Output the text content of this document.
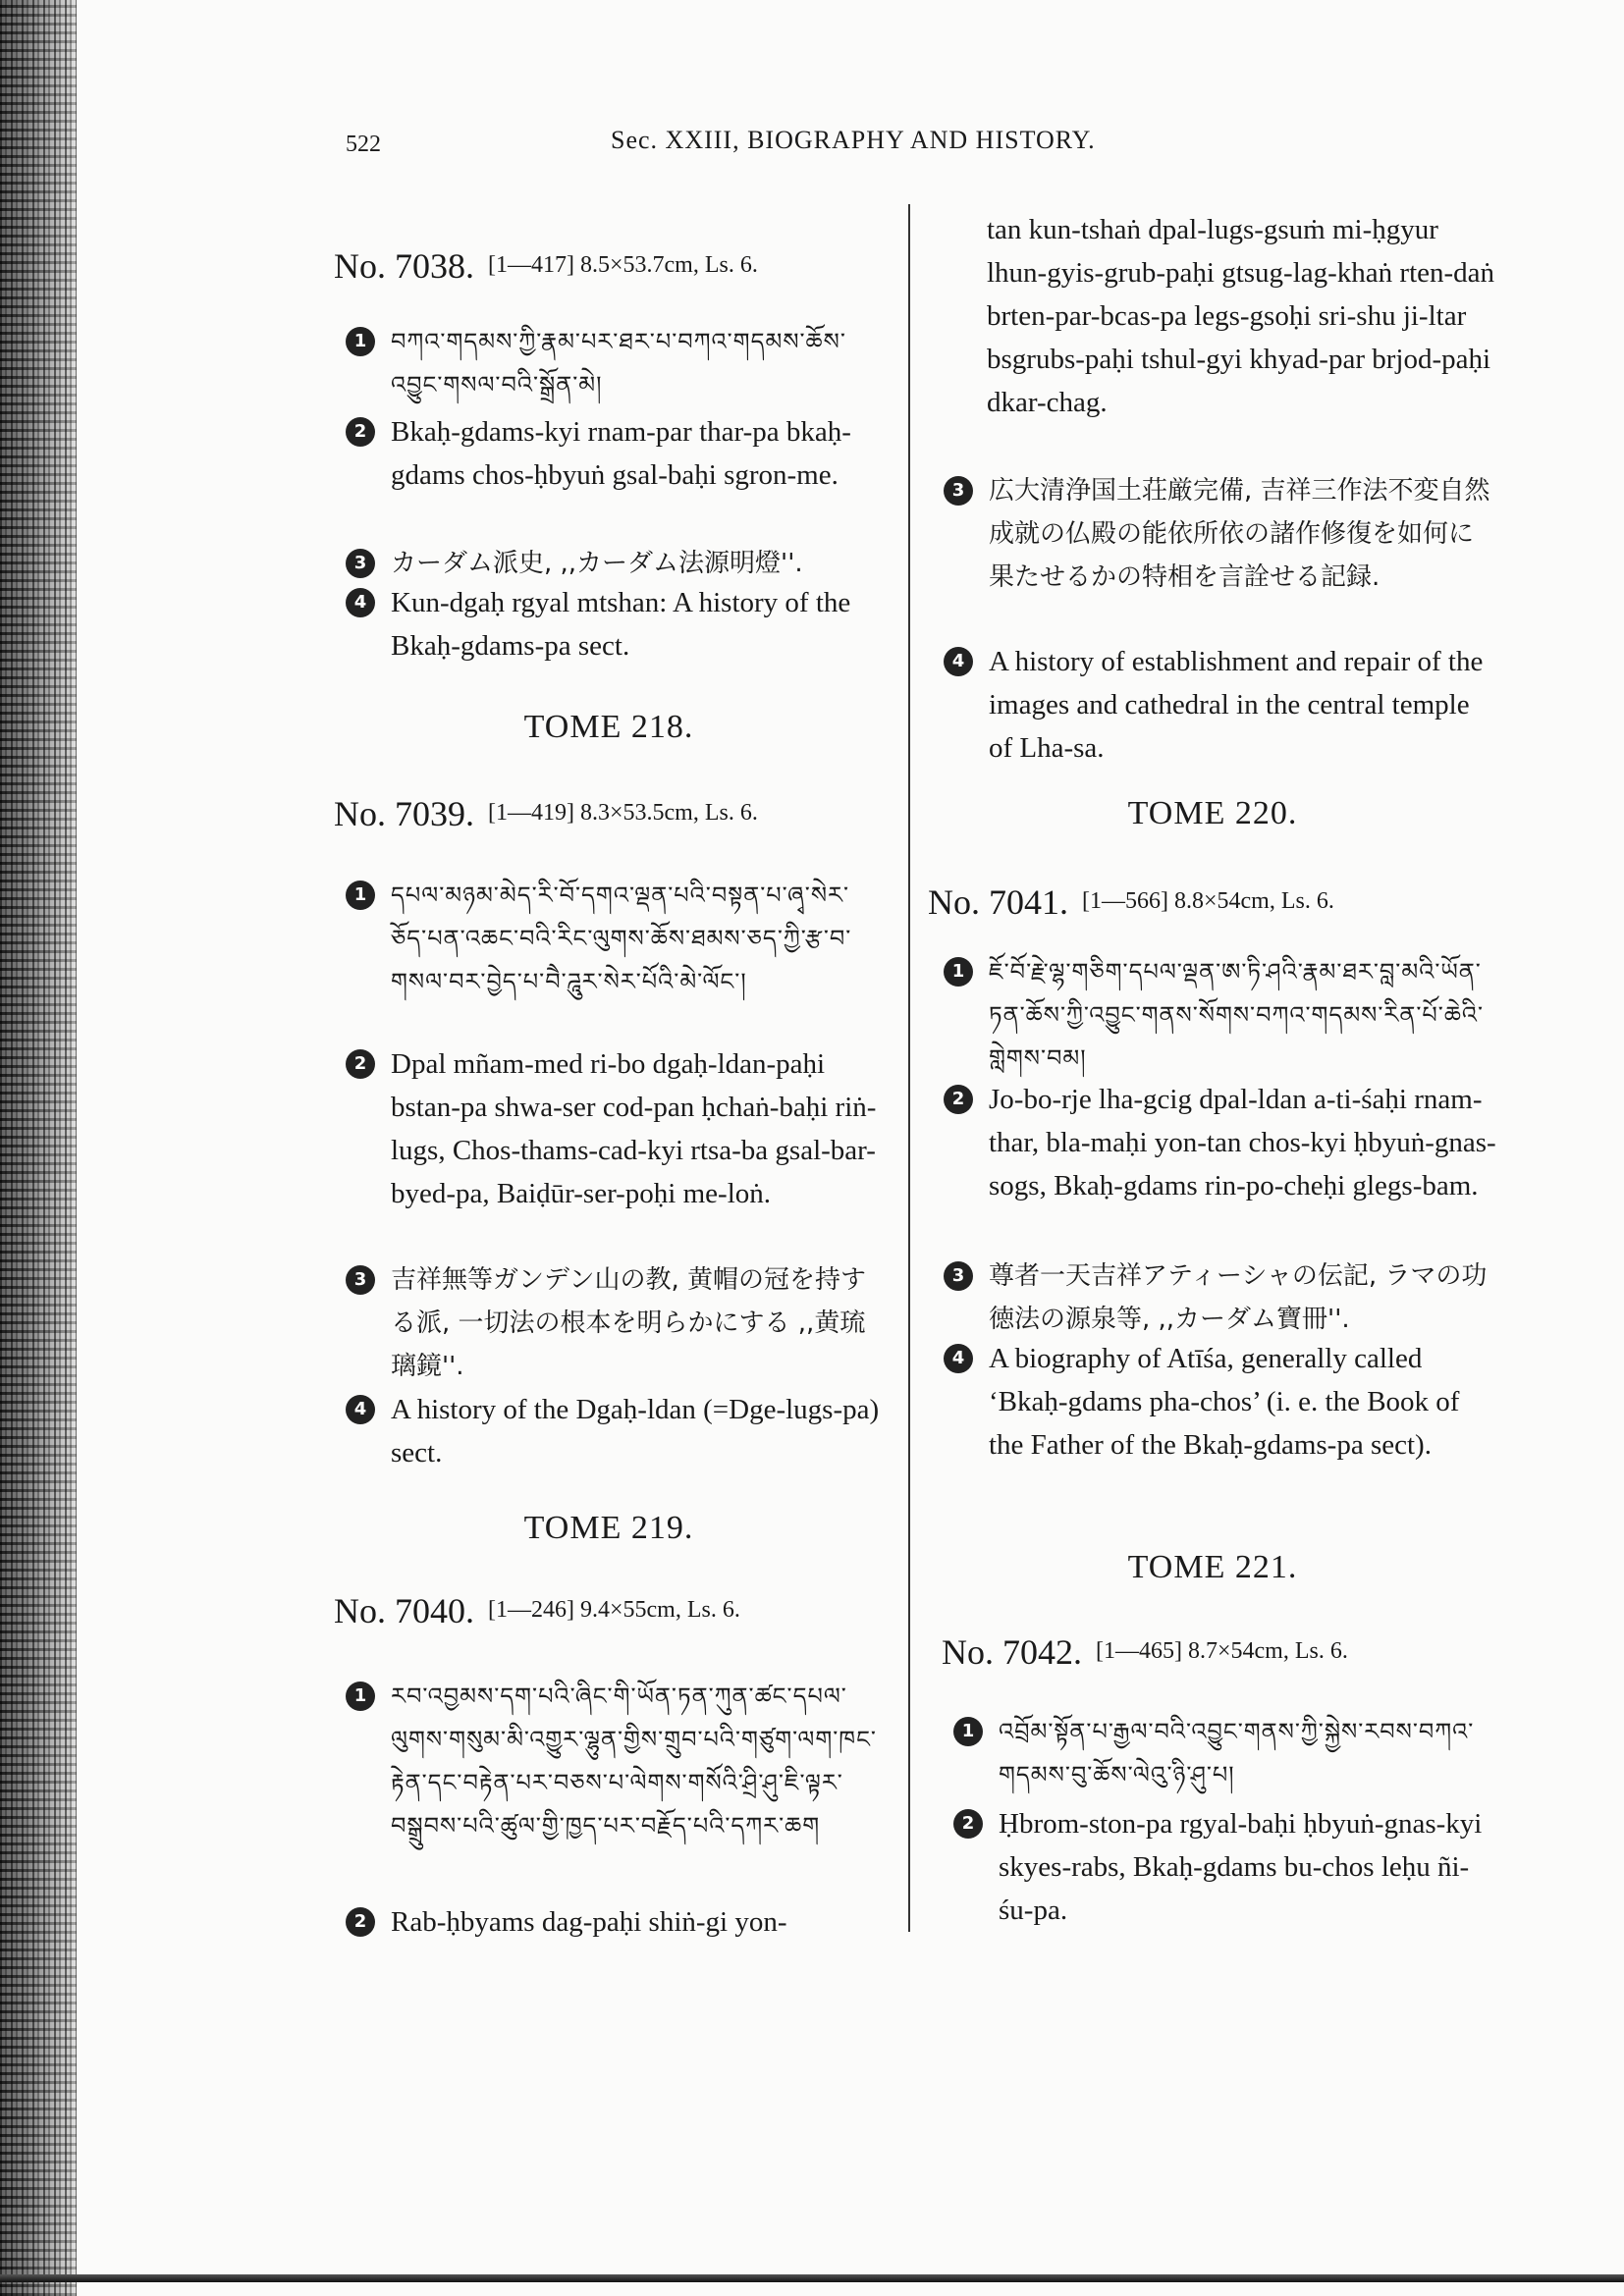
522	Sec. XXIII, BIOGRAPHY AND HISTORY.
No. 7038. [1—417] 8.5×53.7cm, Ls. 6.
1	བཀའ་གདམས་ཀྱི་རྣམ་པར་ཐར་པ་བཀའ་གདམས་ཆོས་འབྱུང་གསལ་བའི་སྒྲོན་མེ།
2 Bkaḥ-gdams-kyi rnam-par thar-pa bkaḥ-gdams chos-ḥbyuṅ gsal-baḥi sgron-me.
3 カーダム派史, ,,カーダム法源明燈''.
4 Kun-dgaḥ rgyal mtshan: A history of the Bkaḥ-gdams-pa sect.
TOME 218.
No. 7039. [1—419] 8.3×53.5cm, Ls. 6.
1	དཔལ་མཉམ་མེད་རི་བོ་དགའ་ལྡན་པའི་བསྟན་པ་ཞྭ་སེར་ཅོད་པན་འཆང་བའི་རིང་ལུགས་ཆོས་ཐམས་ཅད་ཀྱི་རྩ་བ་གསལ་བར་བྱེད་པ་བཻ་ཌཱུར་སེར་པོའི་མེ་ལོང་།
2 Dpal mñam-med ri-bo dgaḥ-ldan-paḥi bstan-pa shwa-ser cod-pan ḥchaṅ-baḥi riṅ-lugs, Chos-thams-cad-kyi rtsa-ba gsal-bar-byed-pa, Baiḍūr-ser-poḥi me-loṅ.
3 吉祥無等ガンデン山の教, 黄帽の冠を持する派, 一切法の根本を明らかにする ,,黄琉璃鏡''.
4 A history of the Dgaḥ-ldan (=Dge-lugs-pa) sect.
TOME 219.
No. 7040. [1—246] 9.4×55cm, Ls. 6.
1	རབ་འབྱམས་དག་པའི་ཞིང་གི་ཡོན་ཏན་ཀུན་ཚང་དཔལ་ལུགས་གསུམ་མི་འགྱུར་ལྷུན་གྱིས་གྲུབ་པའི་གཙུག་ལག་ཁང་རྟེན་དང་བརྟེན་པར་བཅས་པ་ལེགས་གསོའི་ཤྲི་ཤུ་ཇི་ལྟར་བསྒྲུབས་པའི་ཚུལ་གྱི་ཁྱད་པར་བརྗོད་པའི་དཀར་ཆག
2 Rab-ḥbyams dag-paḥi shiṅ-gi yon-
tan kun-tshaṅ dpal-lugs-gsuṁ mi-ḥgyur lhun-gyis-grub-paḥi gtsug-lag-khaṅ rten-daṅ brten-par-bcas-pa legs-gsoḥi sri-shu ji-ltar bsgrubs-paḥi tshul-gyi khyad-par brjod-paḥi dkar-chag.
3 広大清浄国土荘厳完備, 吉祥三作法不変自然成就の仏殿の能依所依の諸作修復を如何に果たせるかの特相を言詮せる記録.
4 A history of establishment and repair of the images and cathedral in the central temple of Lha-sa.
TOME 220.
No. 7041. [1—566] 8.8×54cm, Ls. 6.
1	ཇོ་བོ་རྗེ་ལྷ་གཅིག་དཔལ་ལྡན་ཨ་ཏི་ཤའི་རྣམ་ཐར་བླ་མའི་ཡོན་ཏན་ཆོས་ཀྱི་འབྱུང་གནས་སོགས་བཀའ་གདམས་རིན་པོ་ཆེའི་གླེགས་བམ།
2 Jo-bo-rje lha-gcig dpal-ldan a-ti-śaḥi rnam-thar, bla-maḥi yon-tan chos-kyi ḥbyuṅ-gnas-sogs, Bkaḥ-gdams rin-po-cheḥi glegs-bam.
3 尊者一天吉祥アティーシャの伝記, ラマの功徳法の源泉等, ,,カーダム寶冊''.
4 A biography of Atīśa, generally called ‘Bkaḥ-gdams pha-chos’ (i. e. the Book of the Father of the Bkaḥ-gdams-pa sect).
TOME 221.
No. 7042. [1—465] 8.7×54cm, Ls. 6.
1	འབྲོམ་སྟོན་པ་རྒྱལ་བའི་འབྱུང་གནས་ཀྱི་སྐྱེས་རབས་བཀའ་གདམས་བུ་ཆོས་ལེའུ་ཉི་ཤུ་པ།
2 Ḥbrom-ston-pa rgyal-baḥi ḥbyuṅ-gnas-kyi skyes-rabs, Bkaḥ-gdams bu-chos leḥu ñi-śu-pa.
